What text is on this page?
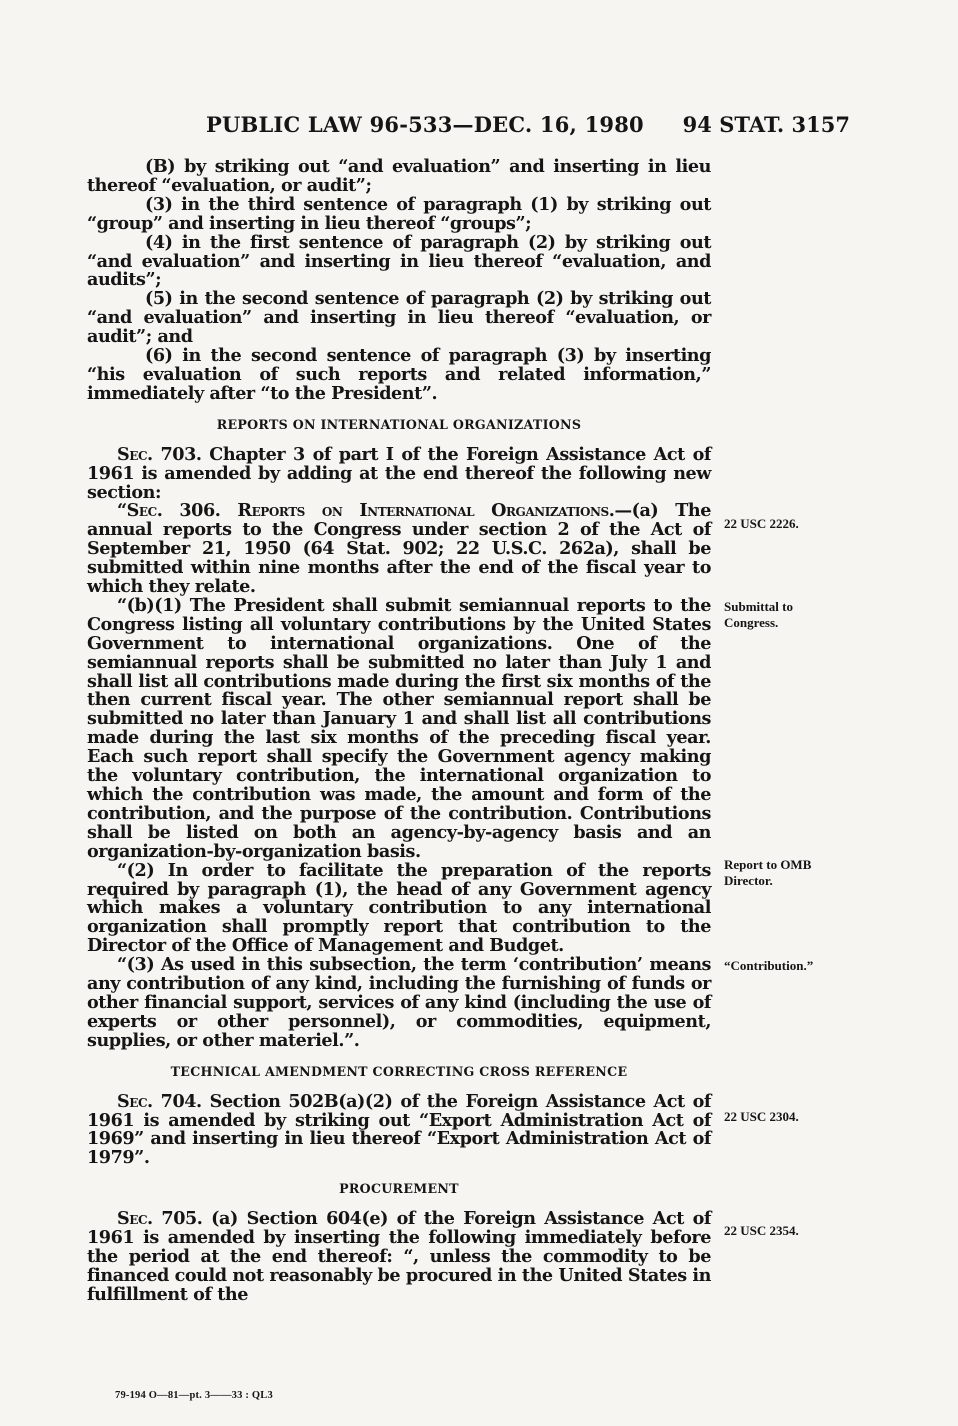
PUBLIC LAW 96-533—DEC. 16, 1980 94 STAT. 3157

(B) by striking out “and evaluation” and inserting in lieu thereof “evaluation, or audit”;

(3) in the third sentence of paragraph (1) by striking out “group” and inserting in lieu thereof “groups”;

(4) in the first sentence of paragraph (2) by striking out “and evaluation” and inserting in lieu thereof “evaluation, and audits”;

(5) in the second sentence of paragraph (2) by striking out “and evaluation” and inserting in lieu thereof “evaluation, or audit”; and

(6) in the second sentence of paragraph (3) by inserting “his evaluation of such reports and related information,” immediately after “to the President”.

REPORTS ON INTERNATIONAL ORGANIZATIONS

Sec. 703. Chapter 3 of part I of the Foreign Assistance Act of 1961 is amended by adding at the end thereof the following new section:

“Sec. 306. Reports on International Organizations.—(a) The annual reports to the Congress under section 2 of the Act of September 21, 1950 (64 Stat. 902; 22 U.S.C. 262a), shall be submitted within nine months after the end of the fiscal year to which they relate.

“(b)(1) The President shall submit semiannual reports to the Congress listing all voluntary contributions by the United States Government to international organizations. One of the semiannual reports shall be submitted no later than July 1 and shall list all contributions made during the first six months of the then current fiscal year. The other semiannual report shall be submitted no later than January 1 and shall list all contributions made during the last six months of the preceding fiscal year. Each such report shall specify the Government agency making the voluntary contribution, the international organization to which the contribution was made, the amount and form of the contribution, and the purpose of the contribution. Contributions shall be listed on both an agency-by-agency basis and an organization-by-organization basis.

“(2) In order to facilitate the preparation of the reports required by paragraph (1), the head of any Government agency which makes a voluntary contribution to any international organization shall promptly report that contribution to the Director of the Office of Management and Budget.

“(3) As used in this subsection, the term ‘contribution’ means any contribution of any kind, including the furnishing of funds or other financial support, services of any kind (including the use of experts or other personnel), or commodities, equipment, supplies, or other materiel.”.

TECHNICAL AMENDMENT CORRECTING CROSS REFERENCE

Sec. 704. Section 502B(a)(2) of the Foreign Assistance Act of 1961 is amended by striking out “Export Administration Act of 1969” and inserting in lieu thereof “Export Administration Act of 1979”.

PROCUREMENT

Sec. 705. (a) Section 604(e) of the Foreign Assistance Act of 1961 is amended by inserting the following immediately before the period at the end thereof: “, unless the commodity to be financed could not reasonably be procured in the United States in fulfillment of the

22 USC 2226.
Submittal to Congress.
Report to OMB Director.
“Contribution.”
22 USC 2304.
22 USC 2354.
79-194 O—81—pt. 3——33 : QL3
